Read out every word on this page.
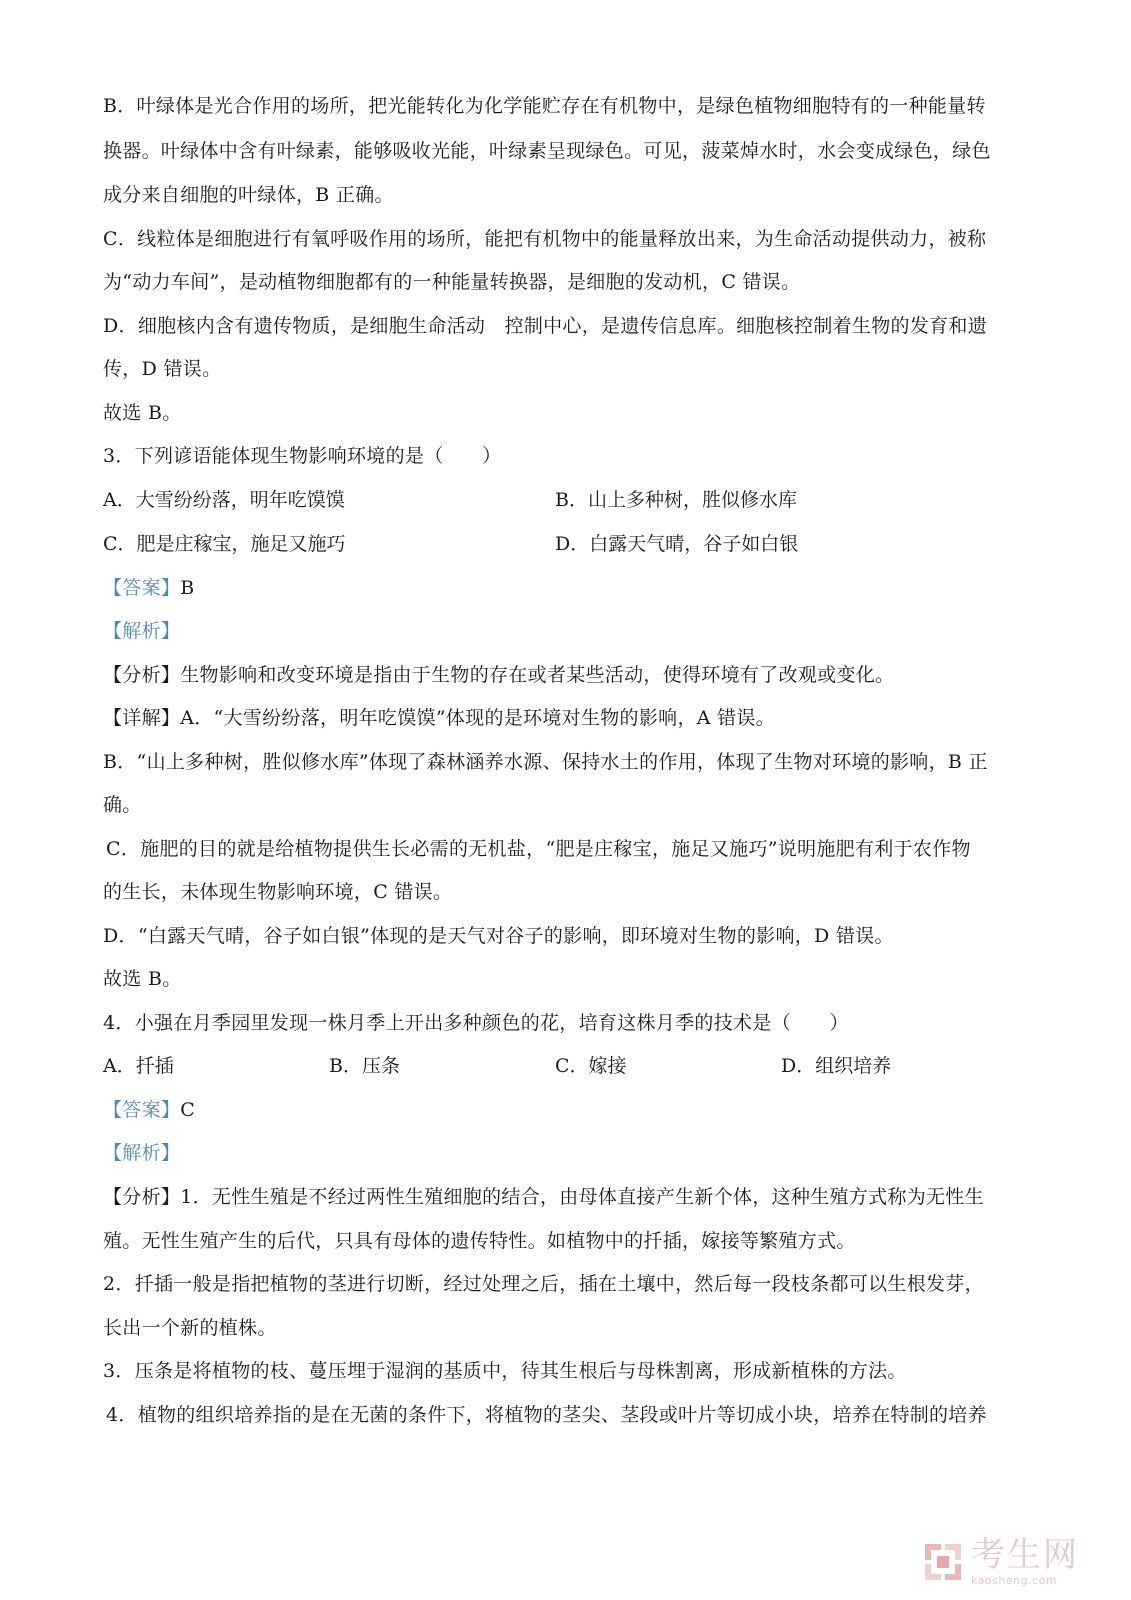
B．叶绿体是光合作用的场所，把光能转化为化学能贮存在有机物中，是绿色植物细胞特有的一种能量转
换器。叶绿体中含有叶绿素，能够吸收光能，叶绿素呈现绿色。可见，菠菜焯水时，水会变成绿色，绿色
成分来自细胞的叶绿体，B 正确。
C．线粒体是细胞进行有氧呼吸作用的场所，能把有机物中的能量释放出来，为生命活动提供动力，被称
为“动力车间”，是动植物细胞都有的一种能量转换器，是细胞的发动机，C 错误。
D．细胞核内含有遗传物质，是细胞生命活动　控制中心，是遗传信息库。细胞核控制着生物的发育和遗
传，D 错误。
故选 B。
3．下列谚语能体现生物影响环境的是（　　）
A．大雪纷纷落，明年吃馍馍	B．山上多种树，胜似修水库
C．肥是庄稼宝，施足又施巧	D．白露天气晴，谷子如白银
【答案】B
【解析】
【分析】生物影响和改变环境是指由于生物的存在或者某些活动，使得环境有了改观或变化。
【详解】A．“大雪纷纷落，明年吃馍馍”体现的是环境对生物的影响，A 错误。
B．“山上多种树，胜似修水库”体现了森林涵养水源、保持水土的作用，体现了生物对环境的影响，B 正
确。
C．施肥的目的就是给植物提供生长必需的无机盐，“肥是庄稼宝，施足又施巧”说明施肥有利于农作物
的生长，未体现生物影响环境，C 错误。
D．“白露天气晴，谷子如白银”体现的是天气对谷子的影响，即环境对生物的影响，D 错误。
故选 B。
4．小强在月季园里发现一株月季上开出多种颜色的花，培育这株月季的技术是（　　）
A．扦插	B．压条	C．嫁接	D．组织培养
【答案】C
【解析】
【分析】1．无性生殖是不经过两性生殖细胞的结合，由母体直接产生新个体，这种生殖方式称为无性生
殖。无性生殖产生的后代，只具有母体的遗传特性。如植物中的扦插，嫁接等繁殖方式。
2．扦插一般是指把植物的茎进行切断，经过处理之后，插在土壤中，然后每一段枝条都可以生根发芽，
长出一个新的植株。
3．压条是将植物的枝、蔓压埋于湿润的基质中，待其生根后与母株割离，形成新植株的方法。
4．植物的组织培养指的是在无菌的条件下，将植物的茎尖、茎段或叶片等切成小块，培养在特制的培养
考生网
kaosheng.com
